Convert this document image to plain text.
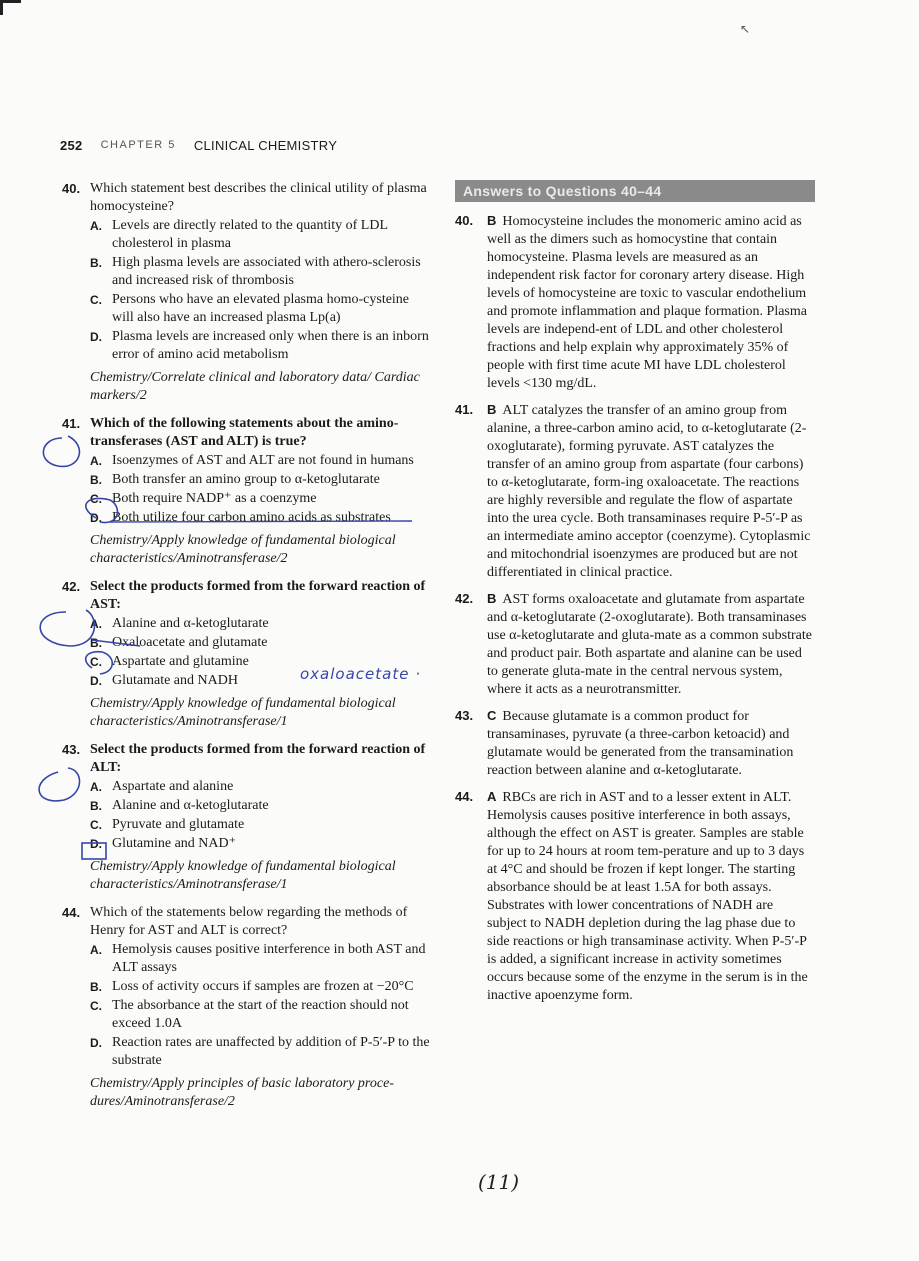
↖
252 CHAPTER 5 CLINICAL CHEMISTRY
40. Which statement best describes the clinical utility of plasma homocysteine?
A. Levels are directly related to the quantity of LDL cholesterol in plasma
B. High plasma levels are associated with athero-sclerosis and increased risk of thrombosis
C. Persons who have an elevated plasma homo-cysteine will also have an increased plasma Lp(a)
D. Plasma levels are increased only when there is an inborn error of amino acid metabolism
Chemistry/Correlate clinical and laboratory data/ Cardiac markers/2
41. Which of the following statements about the amino-transferases (AST and ALT) is true?
A. Isoenzymes of AST and ALT are not found in humans
B. Both transfer an amino group to α-ketoglutarate
C. Both require NADP⁺ as a coenzyme
D. Both utilize four carbon amino acids as substrates
Chemistry/Apply knowledge of fundamental biological characteristics/Aminotransferase/2
42. Select the products formed from the forward reaction of AST:
A. Alanine and α-ketoglutarate
B. Oxaloacetate and glutamate
C. Aspartate and glutamine
D. Glutamate and NADH
Chemistry/Apply knowledge of fundamental biological characteristics/Aminotransferase/1
43. Select the products formed from the forward reaction of ALT:
A. Aspartate and alanine
B. Alanine and α-ketoglutarate
C. Pyruvate and glutamate
D. Glutamine and NAD⁺
Chemistry/Apply knowledge of fundamental biological characteristics/Aminotransferase/1
44. Which of the statements below regarding the methods of Henry for AST and ALT is correct?
A. Hemolysis causes positive interference in both AST and ALT assays
B. Loss of activity occurs if samples are frozen at −20°C
C. The absorbance at the start of the reaction should not exceed 1.0A
D. Reaction rates are unaffected by addition of P-5′-P to the substrate
Chemistry/Apply principles of basic laboratory proce-dures/Aminotransferase/2
Answers to Questions 40–44
40. B Homocysteine includes the monomeric amino acid as well as the dimers such as homocystine that contain homocysteine. Plasma levels are measured as an independent risk factor for coronary artery disease. High levels of homocysteine are toxic to vascular endothelium and promote inflammation and plaque formation. Plasma levels are independ-ent of LDL and other cholesterol fractions and help explain why approximately 35% of people with first time acute MI have LDL cholesterol levels <130 mg/dL.
41. B ALT catalyzes the transfer of an amino group from alanine, a three-carbon amino acid, to α-ketoglutarate (2-oxoglutarate), forming pyruvate. AST catalyzes the transfer of an amino group from aspartate (four carbons) to α-ketoglutarate, form-ing oxaloacetate. The reactions are highly reversible and regulate the flow of aspartate into the urea cycle. Both transaminases require P-5′-P as an intermediate amino acceptor (coenzyme). Cytoplasmic and mitochondrial isoenzymes are produced but are not differentiated in clinical practice.
42. B AST forms oxaloacetate and glutamate from aspartate and α-ketoglutarate (2-oxoglutarate). Both transaminases use α-ketoglutarate and gluta-mate as a common substrate and product pair. Both aspartate and alanine can be used to generate gluta-mate in the central nervous system, where it acts as a neurotransmitter.
43. C Because glutamate is a common product for transaminases, pyruvate (a three-carbon ketoacid) and glutamate would be generated from the transamination reaction between alanine and α-ketoglutarate.
44. A RBCs are rich in AST and to a lesser extent in ALT. Hemolysis causes positive interference in both assays, although the effect on AST is greater. Samples are stable for up to 24 hours at room tem-perature and up to 3 days at 4°C and should be frozen if kept longer. The starting absorbance should be at least 1.5A for both assays. Substrates with lower concentrations of NADH are subject to NADH depletion during the lag phase due to side reactions or high transaminase activity. When P-5′-P is added, a significant increase in activity sometimes occurs because some of the enzyme in the serum is in the inactive apoenzyme form.
oxaloacetate ·
(11)
